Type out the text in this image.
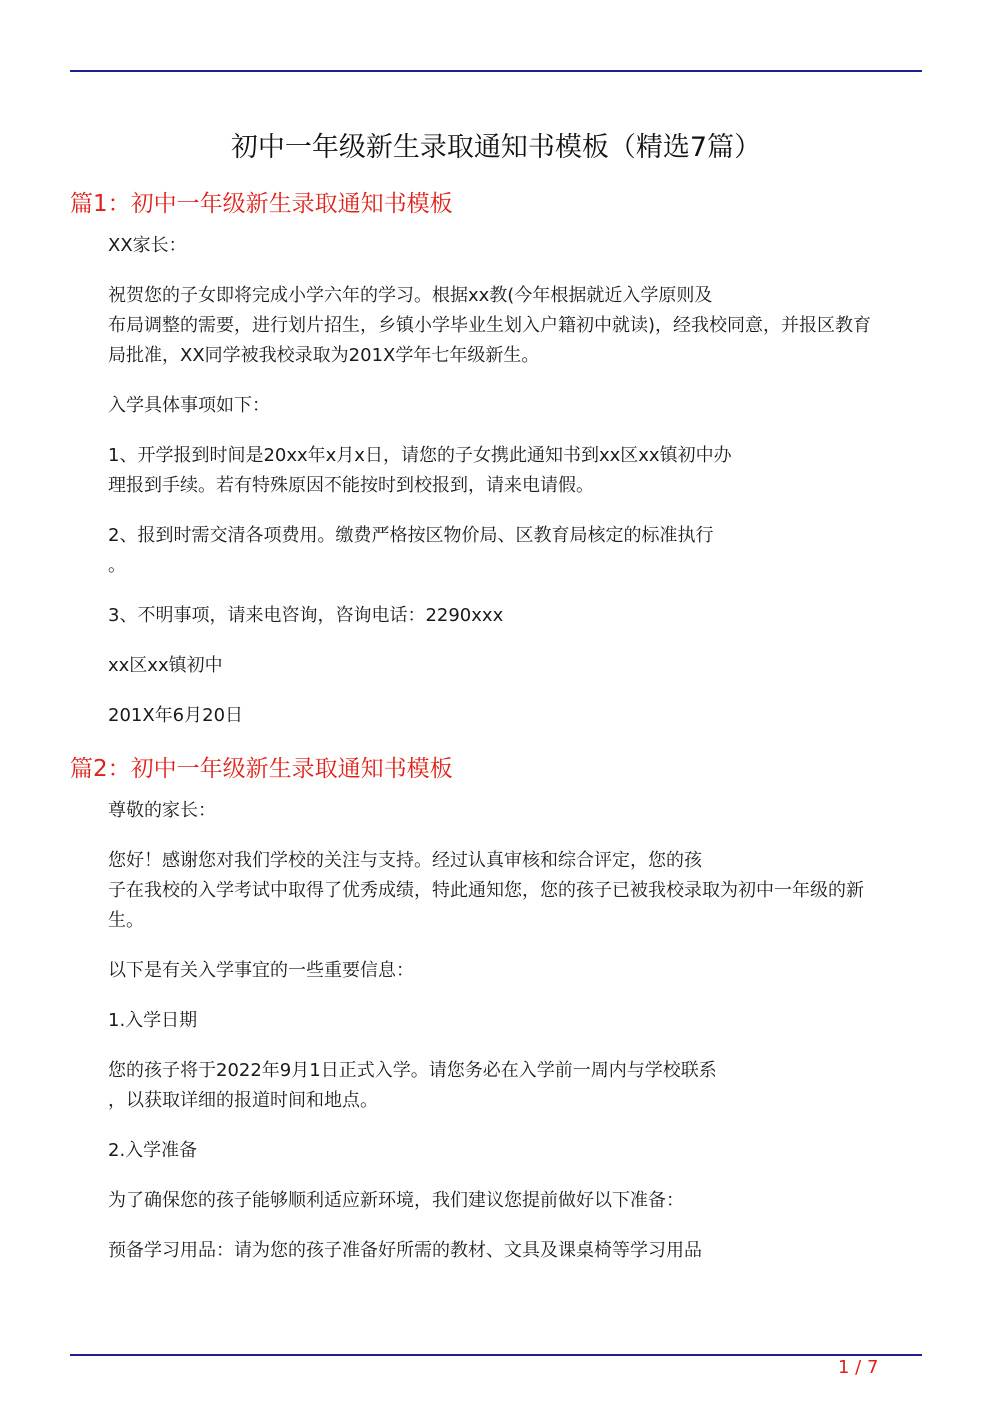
初中一年级新生录取通知书模板（精选7篇）
篇1：初中一年级新生录取通知书模板
XX家长：
祝贺您的子女即将完成小学六年的学习。根据xx教(今年根据就近入学原则及
布局调整的需要，进行划片招生，乡镇小学毕业生划入户籍初中就读)，经我校同意，并报区教育
局批准，XX同学被我校录取为201X学年七年级新生。
入学具体事项如下：
1、开学报到时间是20xx年x月x日，请您的子女携此通知书到xx区xx镇初中办
理报到手续。若有特殊原因不能按时到校报到，请来电请假。
2、报到时需交清各项费用。缴费严格按区物价局、区教育局核定的标准执行
。
3、不明事项，请来电咨询，咨询电话：2290xxx
xx区xx镇初中
201X年6月20日
篇2：初中一年级新生录取通知书模板
尊敬的家长：
您好！感谢您对我们学校的关注与支持。经过认真审核和综合评定，您的孩
子在我校的入学考试中取得了优秀成绩，特此通知您，您的孩子已被我校录取为初中一年级的新
生。
以下是有关入学事宜的一些重要信息：
1.入学日期
您的孩子将于2022年9月1日正式入学。请您务必在入学前一周内与学校联系
，以获取详细的报道时间和地点。
2.入学准备
为了确保您的孩子能够顺利适应新环境，我们建议您提前做好以下准备：
预备学习用品：请为您的孩子准备好所需的教材、文具及课桌椅等学习用品
1 / 7
